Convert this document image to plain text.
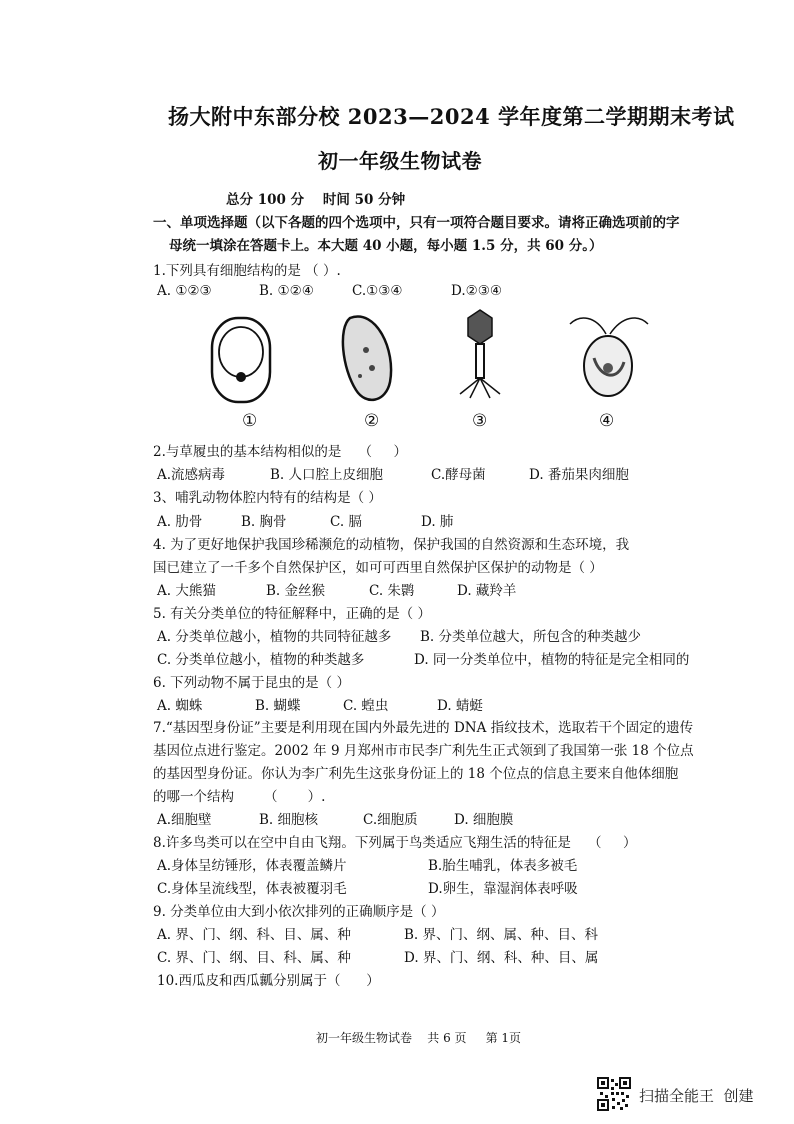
扬大附中东部分校 2023—2024 学年度第二学期期末考试
初一年级生物试卷
总分 100 分    时间 50 分钟
一、单项选择题（以下各题的四个选项中，只有一项符合题目要求。请将正确选项前的字
母统一填涂在答题卡上。本大题 40 小题，每小题 1.5 分，共 60 分。）
1.下列具有细胞结构的是 （ ）.
A. ①②③	B. ①②④	C.①③④	D.②③④
①	②	③	④
2.与草履虫的基本结构相似的是    （     ）
A.流感病毒	B. 人口腔上皮细胞	C.酵母菌	D. 番茄果肉细胞
3、哺乳动物体腔内特有的结构是（ ）
A. 肋骨	B. 胸骨	C. 膈	D. 肺
4. 为了更好地保护我国珍稀濒危的动植物，保护我国的自然资源和生态环境，我
国已建立了一千多个自然保护区，如可可西里自然保护区保护的动物是（ ）
A. 大熊猫	B. 金丝猴	C. 朱鹮	D. 藏羚羊
5. 有关分类单位的特征解释中，正确的是（ ）
A. 分类单位越小，植物的共同特征越多 B. 分类单位越大，所包含的种类越少
C. 分类单位越小，植物的种类越多	D. 同一分类单位中，植物的特征是完全相同的
6. 下列动物不属于昆虫的是（ ）
A. 蜘蛛	B. 蝴蝶	C. 蝗虫	D. 蜻蜓
7.“基因型身份证”主要是利用现在国内外最先进的 DNA 指纹技术，选取若干个固定的遗传
基因位点进行鉴定。2002 年 9 月郑州市市民李广利先生正式领到了我国第一张 18 个位点
的基因型身份证。你认为李广利先生这张身份证上的 18 个位点的信息主要来自他体细胞
的哪一个结构       （       ）.
A.细胞壁	B. 细胞核	C.细胞质	D. 细胞膜
8.许多鸟类可以在空中自由飞翔。下列属于鸟类适应飞翔生活的特征是    （     ）
A.身体呈纺锤形，体表覆盖鳞片	B.胎生哺乳，体表多被毛
C.身体呈流线型，体表被覆羽毛	D.卵生，靠湿润体表呼吸
9. 分类单位由大到小依次排列的正确顺序是（ ）
A. 界、门、纲、科、目、属、种	B. 界、门、纲、属、种、目、科
C. 界、门、纲、目、科、属、种	D. 界、门、纲、科、种、目、属
10.西瓜皮和西瓜瓤分别属于（      ）
初一年级生物试卷    共 6 页     第 1页
扫描全能王  创建
